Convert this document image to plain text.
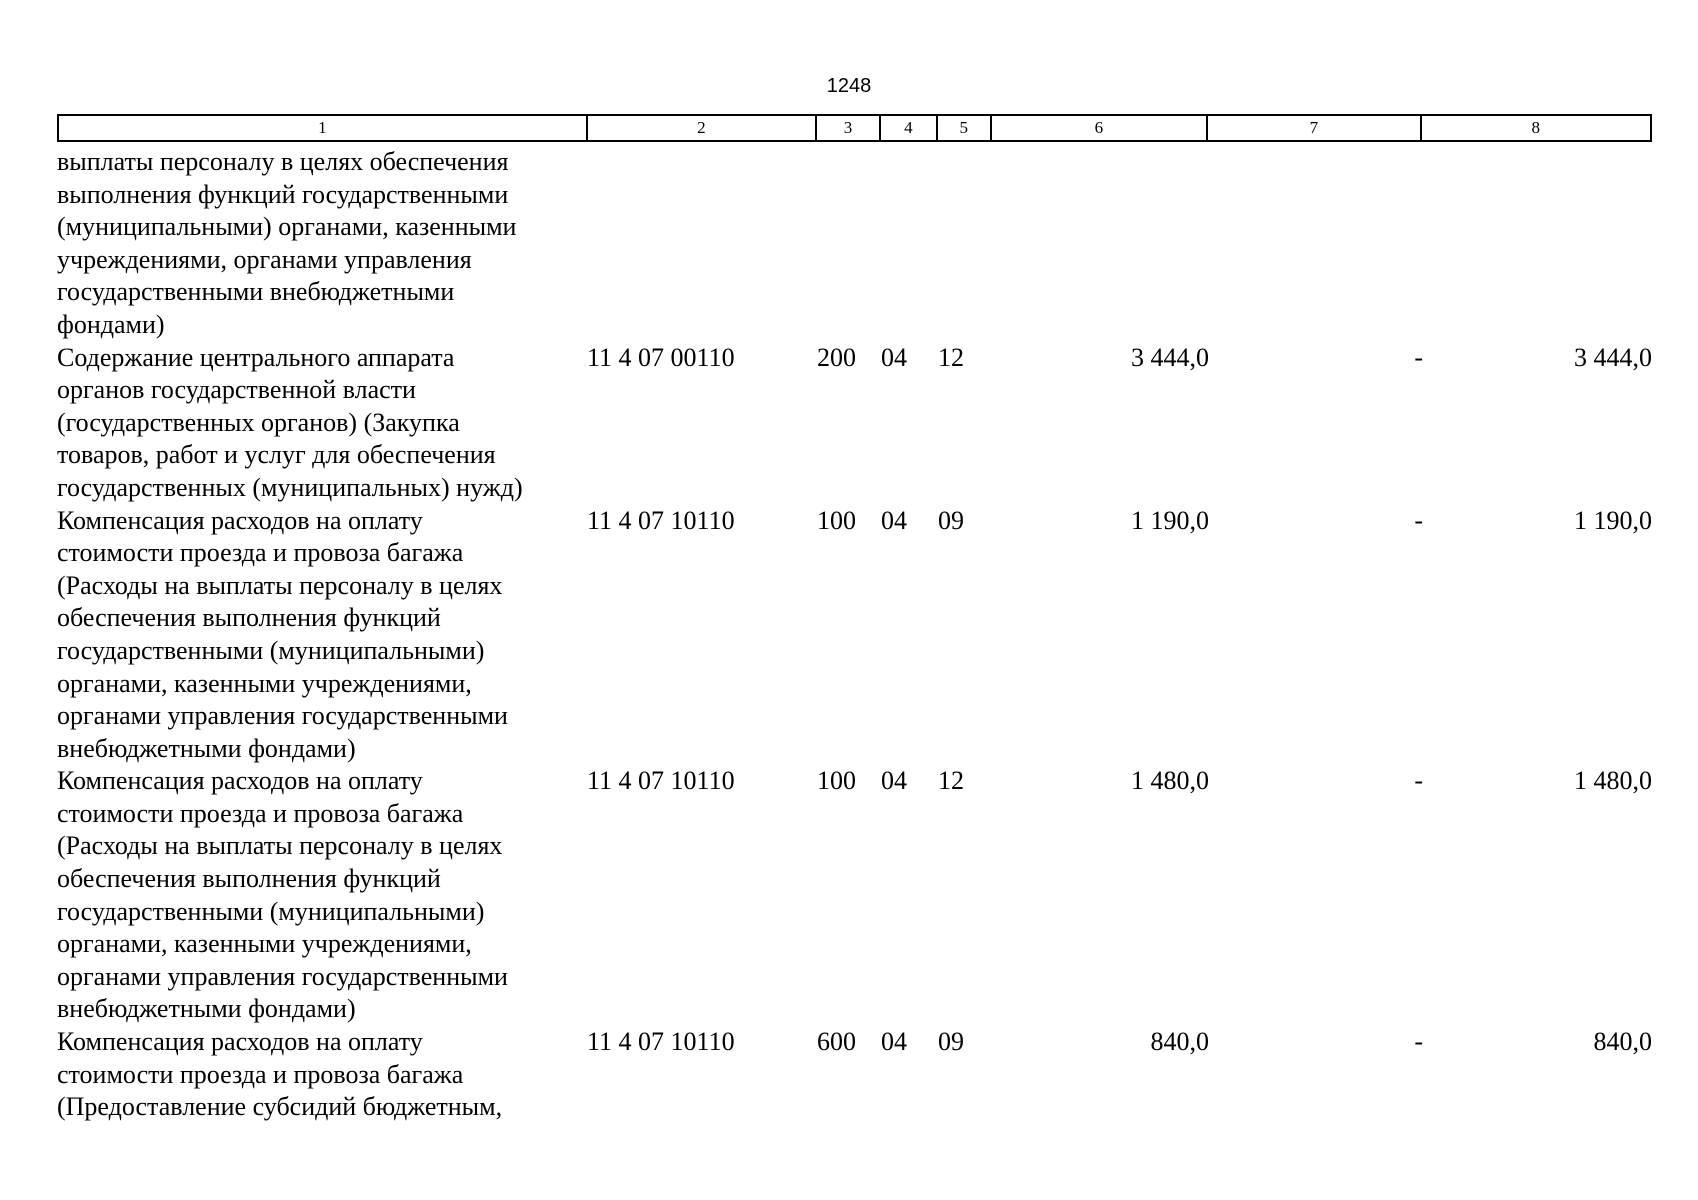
1248
1	2	3	4	5	6	7	8
выплаты персоналу в целях обеспечения
выполнения функций государственными
(муниципальными) органами, казенными
учреждениями, органами управления
государственными внебюджетными
фондами)
Содержание центрального аппарата
органов государственной власти
(государственных органов) (Закупка
товаров, работ и услуг для обеспечения
государственных (муниципальных) нужд)
11 4 07 00110	200 04	12	3 444,0	-	3 444,0
Компенсация расходов на оплату
стоимости проезда и провоза багажа
(Расходы на выплаты персоналу в целях
обеспечения выполнения функций
государственными (муниципальными)
органами, казенными учреждениями,
органами управления государственными
внебюджетными фондами)
11 4 07 10110	100 04	09	1 190,0	-	1 190,0
Компенсация расходов на оплату
стоимости проезда и провоза багажа
(Расходы на выплаты персоналу в целях
обеспечения выполнения функций
государственными (муниципальными)
органами, казенными учреждениями,
органами управления государственными
внебюджетными фондами)
11 4 07 10110	100 04	12	1 480,0	-	1 480,0
Компенсация расходов на оплату
стоимости проезда и провоза багажа
(Предоставление субсидий бюджетным,
11 4 07 10110	600 04	09	840,0	-	840,0
